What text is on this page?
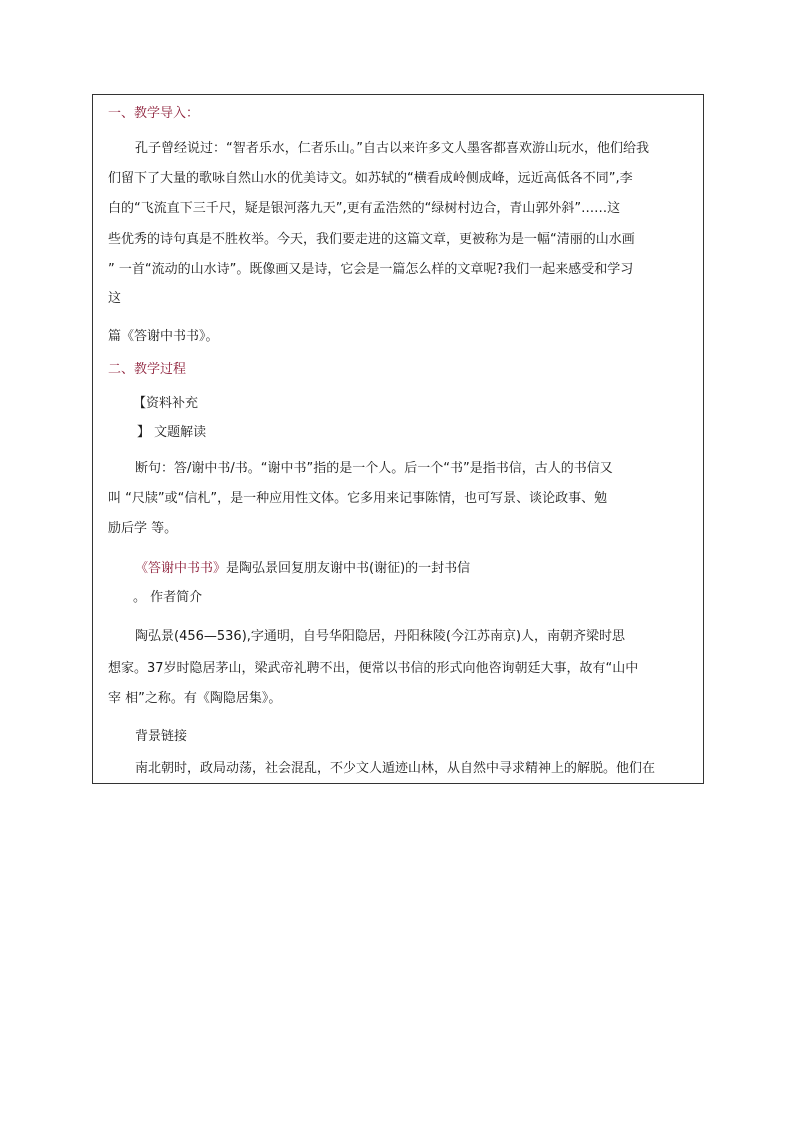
一、教学导入：
孔子曾经说过：“智者乐水，仁者乐山。”自古以来许多文人墨客都喜欢游山玩水，他们给我
们留下了大量的歌咏自然山水的优美诗文。如苏轼的“横看成岭侧成峰，远近高低各不同”,李
白的“飞流直下三千尺，疑是银河落九天”,更有孟浩然的“绿树村边合，青山郭外斜”……这
些优秀的诗句真是不胜枚举。今天，我们要走进的这篇文章，更被称为是一幅“清丽的山水画
” 一首“流动的山水诗”。既像画又是诗，它会是一篇怎么样的文章呢?我们一起来感受和学习
这
篇《答谢中书书》。
二、教学过程
【资料补充
】 文题解读
断句：答/谢中书/书。“谢中书”指的是一个人。后一个“书”是指书信，古人的书信又
叫 “尺牍”或“信札”，是一种应用性文体。它多用来记事陈情，也可写景、谈论政事、勉
励后学 等。
《答谢中书书》是陶弘景回复朋友谢中书(谢征)的一封书信
。 作者简介
陶弘景(456—536),字通明，自号华阳隐居，丹阳秣陵(今江苏南京)人，南朝齐梁时思
想家。37岁时隐居茅山，梁武帝礼聘不出，便常以书信的形式向他咨询朝廷大事，故有“山中
宰 相”之称。有《陶隐居集》。
背景链接
南北朝时，政局动荡，社会混乱，不少文人遁迹山林，从自然中寻求精神上的解脱。他们在
